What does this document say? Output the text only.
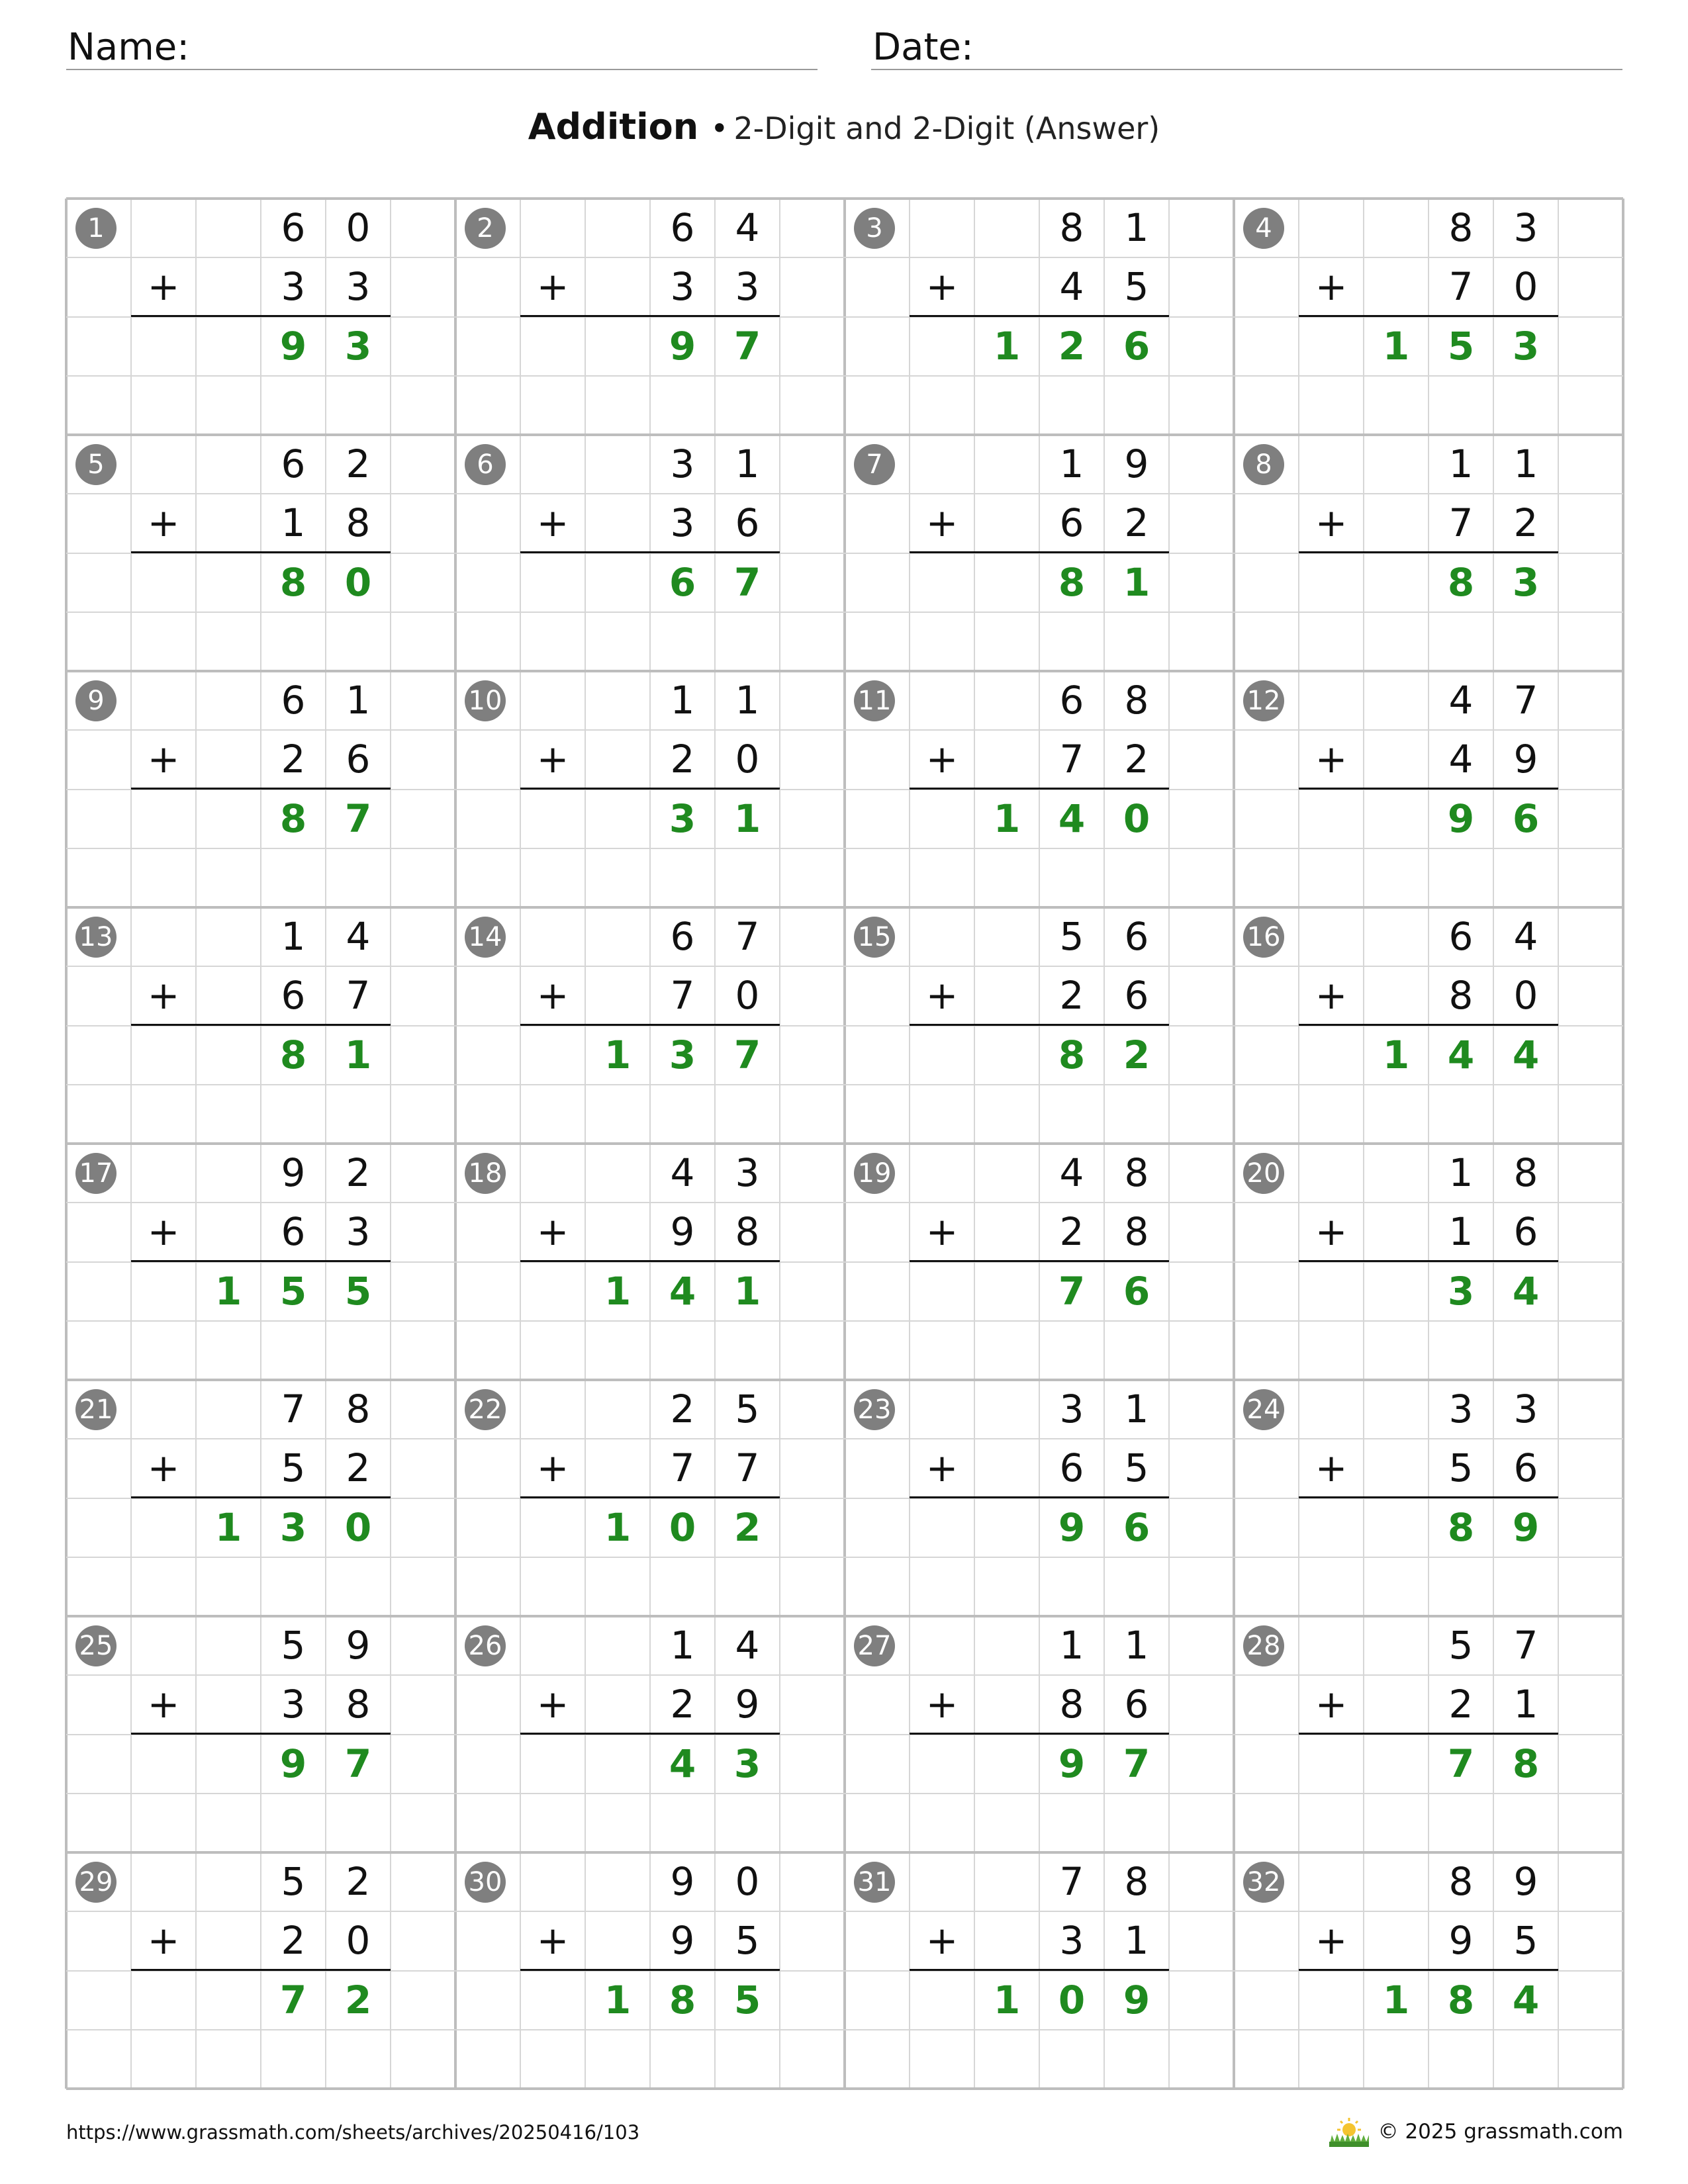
Name:	Date:
Addition • 2-Digit and 2-Digit (Answer)
1
+
6	0
3	3
9 3
2
+
6	4
3	3
9 7
3
+
8	1
4	5
1 2 6
4
+
8	3
7	0
1 5 3
5
+
6	2
1	8
8 0
6
+
3	1
3	6
6 7
7
+
1	9
6	2
8 1
8
+
1	1
7	2
8 3
9
+
6	1
2	6
8 7
10
+
1	1
2	0
3 1
11
+
6	8
7	2
1 4 0
12
+
4	7
4	9
9 6
13
+
1	4
6	7
8 1
14
+
6	7
7	0
1 3 7
15
+
5	6
2	6
8 2
16
+
6	4
8	0
1 4 4
17
+
9	2
6	3
1 5 5
18
+
4	3
9	8
1 4 1
19
+
4	8
2	8
7 6
20
+
1	8
1	6
3 4
21
+
7	8
5	2
1 3 0
22
+
2	5
7	7
1 0 2
23
+
3	1
6	5
9 6
24
+
3	3
5	6
8 9
25
+
5	9
3	8
9 7
26
+
1	4
2	9
4 3
27
+
1	1
8	6
9 7
28
+
5	7
2	1
7 8
29
+
5	2
2	0
7 2
30
+
9	0
9	5
1 8 5
31
+
7	8
3	1
1 0 9
32
+
8	9
9	5
1 8 4
https://www.grassmath.com/sheets/archives/20250416/103	© 2025 grassmath.com
